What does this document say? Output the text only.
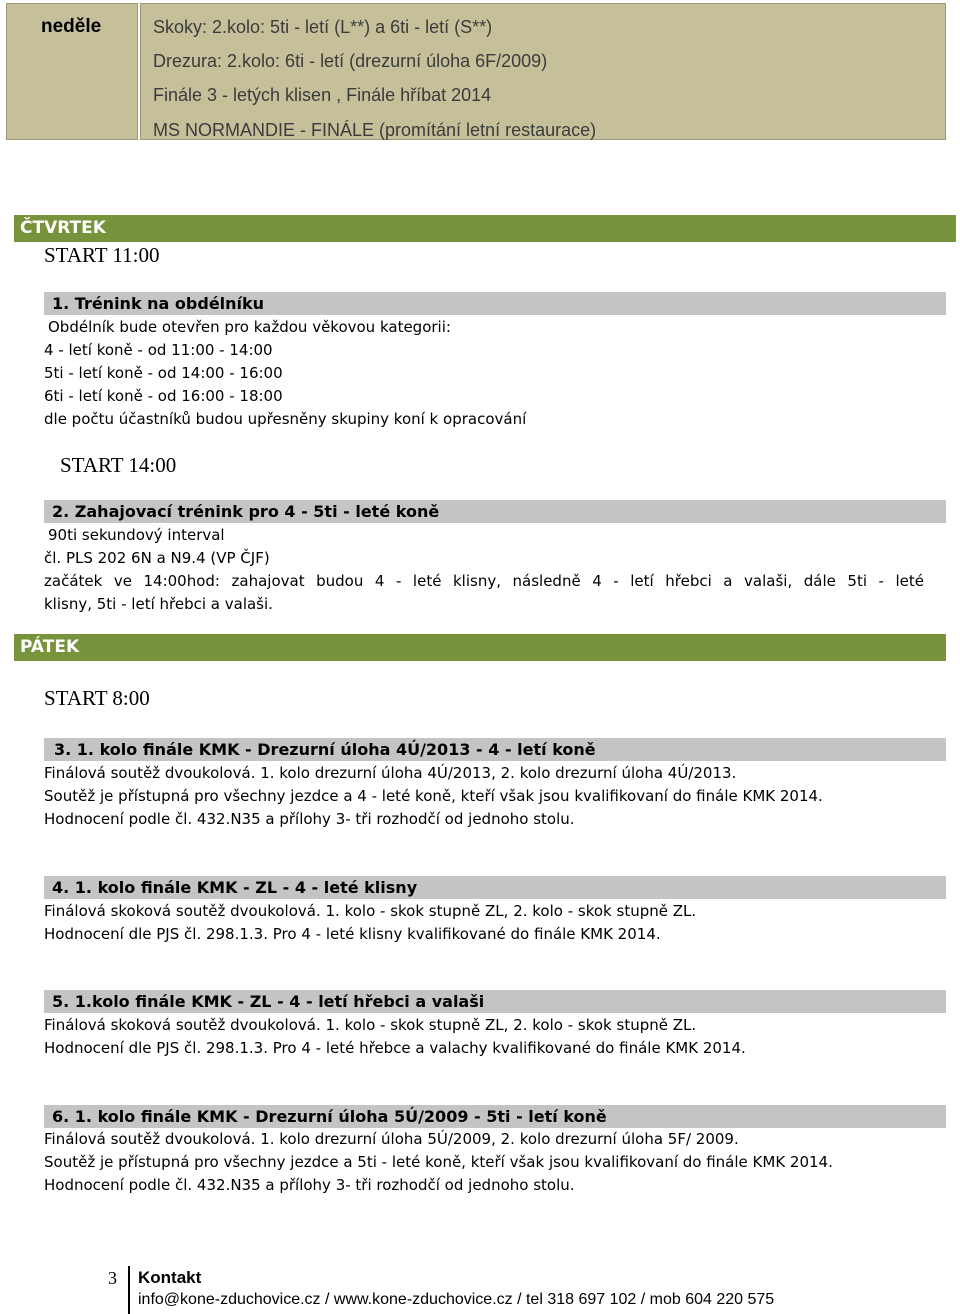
neděle	Skoky: 2.kolo: 5ti - letí (L**) a 6ti - letí (S**)
Drezura: 2.kolo: 6ti - letí (drezurní úloha 6F/2009)
Finále 3 - letých klisen , Finále hříbat 2014
MS NORMANDIE - FINÁLE (promítání letní restaurace)
ČTVRTEK
START 11:00
1. Trénink na obdélníku
Obdélník bude otevřen pro každou věkovou kategorii:
4 - letí koně - od 11:00 - 14:00
5ti - letí koně - od 14:00 - 16:00
6ti - letí koně - od 16:00 - 18:00
dle počtu účastníků budou upřesněny skupiny koní k opracování
START 14:00
2. Zahajovací trénink pro 4 - 5ti - leté koně
90ti sekundový interval
čl. PLS 202 6N a N9.4 (VP ČJF)
začátek ve 14:00hod: zahajovat budou 4 - leté klisny, následně 4 - letí hřebci a valaši, dále 5ti - leté
klisny, 5ti - letí hřebci a valaši.
PÁTEK
START 8:00
3. 1. kolo finále KMK - Drezurní úloha 4Ú/2013 - 4 - letí koně
Finálová soutěž dvoukolová. 1. kolo drezurní úloha 4Ú/2013, 2. kolo drezurní úloha 4Ú/2013.
Soutěž je přístupná pro všechny jezdce a 4 - leté koně, kteří však jsou kvalifikovaní do finále KMK 2014.
Hodnocení podle čl. 432.N35 a přílohy 3- tři rozhodčí od jednoho stolu.
4. 1. kolo finále KMK - ZL - 4 - leté klisny
Finálová skoková soutěž dvoukolová. 1. kolo - skok stupně ZL, 2. kolo - skok stupně ZL.
Hodnocení dle PJS čl. 298.1.3. Pro 4 - leté klisny kvalifikované do finále KMK 2014.
5. 1.kolo finále KMK - ZL - 4 - letí hřebci a valaši
Finálová skoková soutěž dvoukolová. 1. kolo - skok stupně ZL, 2. kolo - skok stupně ZL.
Hodnocení dle PJS čl. 298.1.3. Pro 4 - leté hřebce a valachy kvalifikované do finále KMK 2014.
6. 1. kolo finále KMK - Drezurní úloha 5Ú/2009 - 5ti - letí koně
Finálová soutěž dvoukolová. 1. kolo drezurní úloha 5Ú/2009, 2. kolo drezurní úloha 5F/ 2009.
Soutěž je přístupná pro všechny jezdce a 5ti - leté koně, kteří však jsou kvalifikovaní do finále KMK 2014.
Hodnocení podle čl. 432.N35 a přílohy 3- tři rozhodčí od jednoho stolu.
3 Kontakt
info@kone-zduchovice.cz / www.kone-zduchovice.cz / tel 318 697 102 / mob 604 220 575
